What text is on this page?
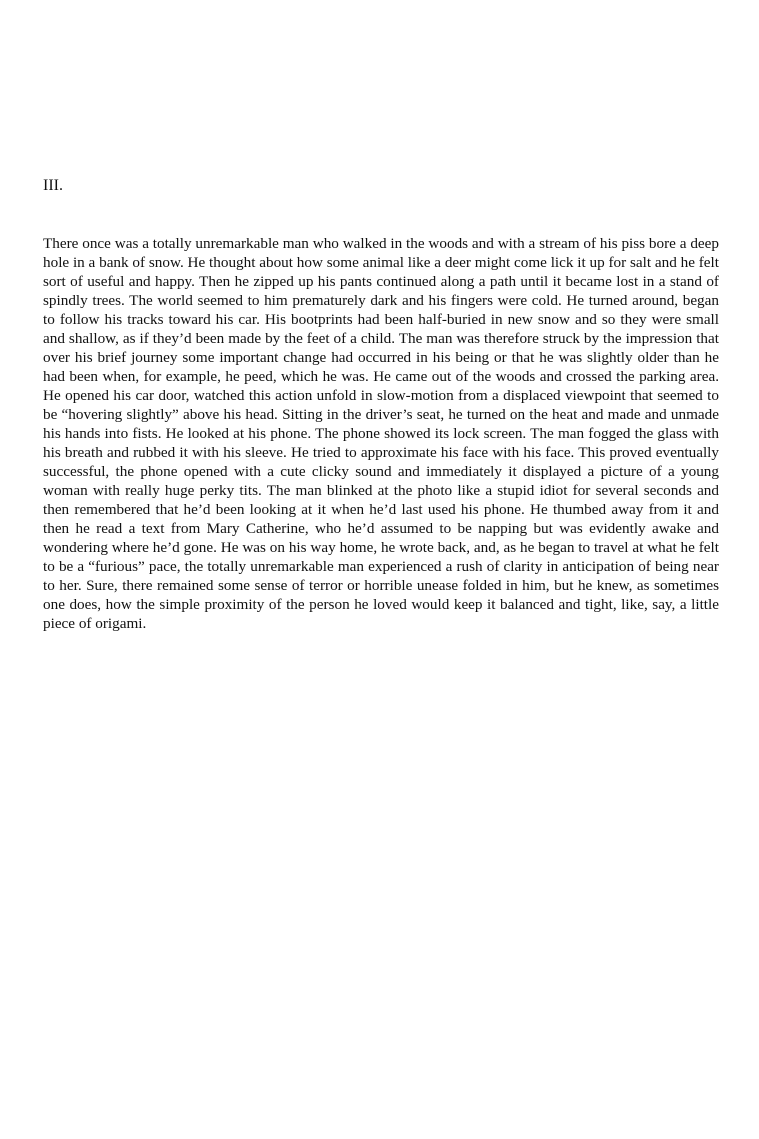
III.

There once was a totally unremarkable man who walked in the woods and with a stream of his piss bore a deep hole in a bank of snow. He thought about how some animal like a deer might come lick it up for salt and he felt sort of useful and happy. Then he zipped up his pants continued along a path until it became lost in a stand of spindly trees. The world seemed to him prematurely dark and his fingers were cold. He turned around, began to follow his tracks toward his car. His bootprints had been half-buried in new snow and so they were small and shallow, as if they’d been made by the feet of a child. The man was therefore struck by the impression that over his brief journey some important change had occurred in his being or that he was slightly older than he had been when, for example, he peed, which he was. He came out of the woods and crossed the parking area. He opened his car door, watched this action unfold in slow-motion from a displaced viewpoint that seemed to be “hovering slightly” above his head. Sitting in the driver’s seat, he turned on the heat and made and unmade his hands into fists. He looked at his phone. The phone showed its lock screen. The man fogged the glass with his breath and rubbed it with his sleeve. He tried to approximate his face with his face. This proved eventually successful, the phone opened with a cute clicky sound and immediately it displayed a picture of a young woman with really huge perky tits. The man blinked at the photo like a stupid idiot for several seconds and then remembered that he’d been looking at it when he’d last used his phone. He thumbed away from it and then he read a text from Mary Catherine, who he’d assumed to be napping but was evidently awake and wondering where he’d gone. He was on his way home, he wrote back, and, as he began to travel at what he felt to be a “furious” pace, the totally unremarkable man experienced a rush of clarity in anticipation of being near to her. Sure, there remained some sense of terror or horrible unease folded in him, but he knew, as sometimes one does, how the simple proximity of the person he loved would keep it balanced and tight, like, say, a little piece of origami.
